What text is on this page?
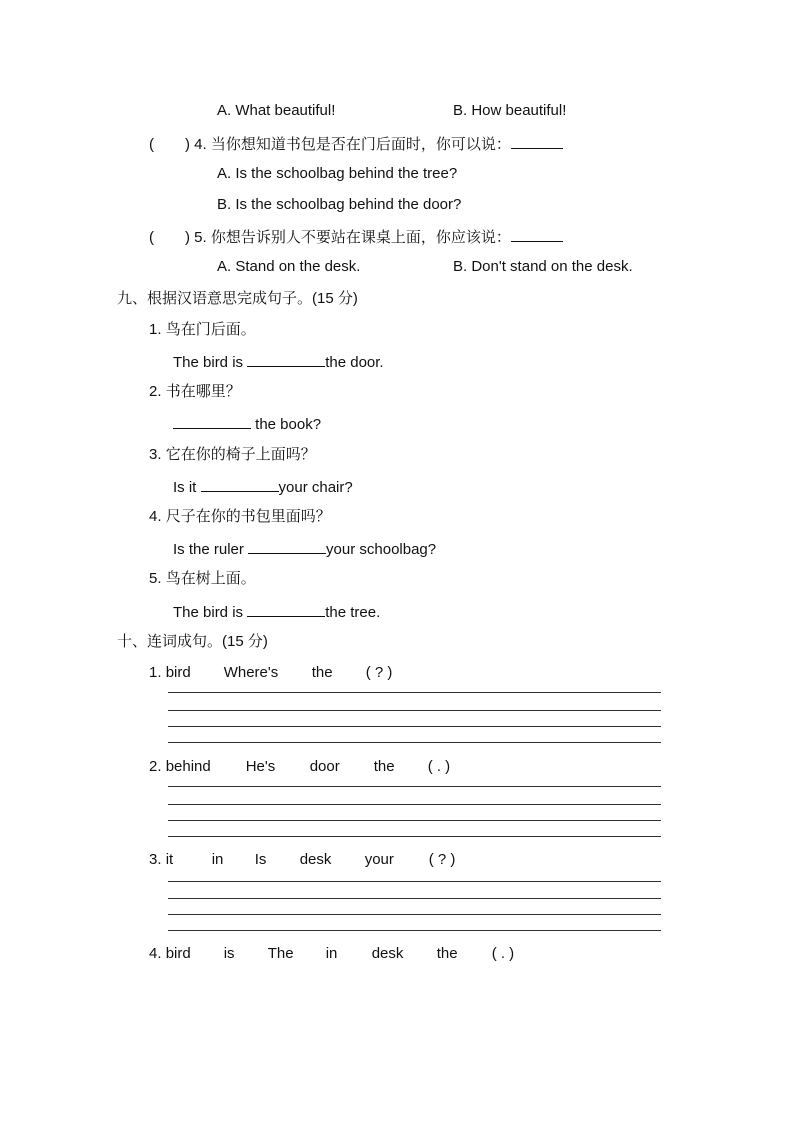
A. What beautiful!	B. How beautiful!
( ) 4. 当你想知道书包是否在门后面时，你可以说：
A. Is the schoolbag behind the tree?
B. Is the schoolbag behind the door?
( ) 5. 你想告诉别人不要站在课桌上面，你应该说：
A. Stand on the desk.	B. Don't stand on the desk.
九、根据汉语意思完成句子。(15 分)
1. 鸟在门后面。
The bird is	the door.
2. 书在哪里？
the book?
3. 它在你的椅子上面吗？
Is it	your chair?
4. 尺子在你的书包里面吗？
Is the ruler	your schoolbag?
5. 鸟在树上面。
The bird is	the tree.
十、连词成句。(15 分)
1. bird Where's the ( ? )
2. behind He's door the ( . )
3. it	in Is desk your ( ? )
4. bird is The in desk the ( . )
